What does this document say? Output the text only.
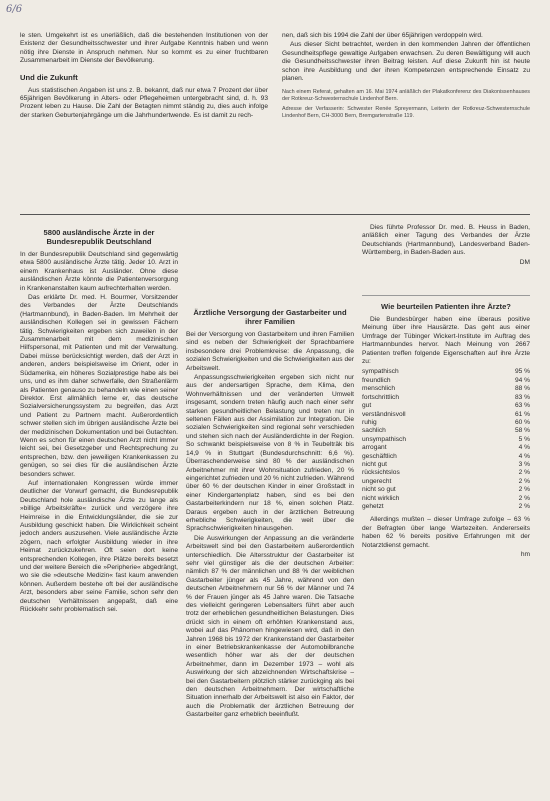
6/6

le sten. Umgekehrt ist es unerläßlich, daß die bestehenden Institutionen von der Existenz der Gesundheitsschwester und ihrer Aufgabe Kenntnis haben und wenn nötig ihre Dienste in Anspruch nehmen. Nur so kommt es zu einer fruchtbaren Zusammenarbeit im Dienste der Bevölkerung.

Und die Zukunft

Aus statistischen Angaben ist uns z. B. bekannt, daß nur etwa 7 Prozent der über 65jährigen Bevölkerung in Alters- oder Pflegeheimen untergebracht sind, d. h. 93 Prozent leben zu Hause. Die Zahl der Betagten nimmt ständig zu, dies auch infolge der starken Geburtenjahrgänge um die Jahrhundertwende. Es ist damit zu rech-

nen, daß sich bis 1994 die Zahl der über 65jährigen verdoppeln wird.

Aus dieser Sicht betrachtet, werden in den kommenden Jahren der öffentlichen Gesundheitspflege gewaltige Aufgaben erwachsen. Zu deren Bewältigung will auch die Gesundheitsschwester ihren Beitrag leisten. Auf diese Zukunft hin ist heute schon ihre Ausbildung und der ihren Kompetenzen entsprechende Einsatz zu planen.

Nach einem Referat, gehalten am 16. Mai 1974 anläßlich der Plakatkonferenz des Diakonissenhauses der Rotkreuz-Schwesternschule Lindenhof Bern.

Adresse der Verfasserin: Schwester Renée Spreyermann, Leiterin der Rotkreuz-Schwesternschule Lindenhof Bern, CH-3000 Bern, Bremgartenstraße 119.

5800 ausländische Ärzte in der Bundesrepublik Deutschland

In der Bundesrepublik Deutschland sind gegenwärtig etwa 5800 ausländische Ärzte tätig. Jeder 10. Arzt in einem Krankenhaus ist Ausländer. Ohne diese ausländischen Ärzte könnte die Patientenversorgung in Krankenanstalten kaum aufrechterhalten werden.

Das erklärte Dr. med. H. Bourmer, Vorsitzender des Verbandes der Ärzte Deutschlands (Hartmannbund), in Baden-Baden. Im Mehrheit der ausländischen Kollegen sei in gewissen Fächern tätig. Schwierigkeiten ergeben sich zuweilen in der Zusammenarbeit mit dem medizinischen Hilfspersonal, mit Patienten und mit der Verwaltung. Dabei müsse berücksichtigt werden, daß der Arzt in anderen, anders beispielsweise im Orient, oder in Südamerika, ein höheres Sozialprestige habe als bei uns, und es ihm daher schwerfalle, den Straßenlärm als Patienten genauso zu behandeln wie einen seiner Direktor. Erst allmählich lerne er, das deutsche Sozialversicherungssystem zu begreifen, das Arzt und Patient zu Partnern macht. Außerordentlich schwer stellen sich im übrigen ausländische Ärzte bei der medizinischen Dokumentation und bei Gutachten. Wenn es schon für einen deutschen Arzt nicht immer leicht sei, bei Gesetzgeber und Rechtsprechung zu entsprechen, bzw. den jeweiligen Krankenkassen zu genügen, so sei dies für die ausländischen Ärzte besonders schwer.

Auf internationalen Kongressen würde immer deutlicher der Vorwurf gemacht, die Bundesrepublik Deutschland hole ausländische Ärzte zu lange als »billige Arbeitskräfte« zurück und verzögere ihre Heimreise in die Entwicklungsländer, die sie zur Ausbildung geschickt haben. Die Wirklichkeit scheint jedoch anders auszusehen. Viele ausländische Ärzte zögern, nach erfolgter Ausbildung wieder in ihre Heimat zurückzukehren. Oft seien dort keine entsprechenden Kollegen, ihre Plätze bereits besetzt und der weitere Bereich die »Peripherie« abgedrängt, wo sie die »deutsche Medizin« fast kaum anwenden können. Außerdem bestehe oft bei der ausländische Arzt, besonders aber seine Familie, schon sehr den deutschen Verhältnissen angepaßt, daß eine Rückkehr sehr problematisch sei.

Ärztliche Versorgung der Gastarbeiter und ihrer Familien

Bei der Versorgung von Gastarbeitern und ihren Familien sind es neben der Schwierigkeit der Sprachbarriere insbesondere drei Problemkreise: die Anpassung, die sozialen Schwierigkeiten und die Schwierigkeiten aus der Arbeitswelt.

Anpassungsschwierigkeiten ergeben sich nicht nur aus der andersartigen Sprache, dem Klima, den Wohnverhältnissen und der veränderten Umwelt insgesamt, sondern treten häufig auch nach einer sehr starken gesundheitlichen Belastung und treten nur in seltenen Fällen aus der Assimilation zur Integration. Die sozialen Schwierigkeiten sind regional sehr verschieden und stehen sich nach der Ausländerdichte in der Region. So schwankt beispielsweise von 8 % in Teubelträk bis 14,9 % in Stuttgart (Bundesdurchschnitt: 6,6 %). Überraschenderweise sind 80 % der ausländischen Arbeitnehmer mit ihrer Wohnsituation zufrieden, 20 % eingerichtet zufrieden und 20 % nicht zufrieden. Während über 60 % der deutschen Kinder in einer Großstadt in einer Kindergartenplatz haben, sind es bei den Gastarbeiterkindern nur 18 %, einen solchen Platz. Daraus ergeben auch in der ärztlichen Betreuung erhebliche Schwierigkeiten, die weit über die Sprachschwierigkeiten hinausgehen.

Die Auswirkungen der Anpassung an die veränderte Arbeitswelt sind bei den Gastarbeitern außerordentlich unterschiedlich. Die Altersstruktur der Gastarbeiter ist sehr viel günstiger als die der deutschen Arbeiter: nämlich 87 % der männlichen und 88 % der weiblichen Gastarbeiter jünger als 45 Jahre, während von den deutschen Arbeitnehmern nur 56 % der Männer und 74 % der Frauen jünger als 45 Jahre waren. Die Tatsache des vielleicht geringeren Lebensalters führt aber auch trotz der erheblichen gesundheitlichen Belastungen. Dies drückt sich in einem oft erhöhten Krankenstand aus, wobei auf das Phänomen hingewiesen wird, daß in den Jahren 1968 bis 1972 der Krankenstand der Gastarbeiter in einer Betriebskrankenkasse der Automobilbranche wesentlich höher war als der der deutschen Arbeitnehmer, dann im Dezember 1973 – wohl als Auswirkung der sich abzeichnenden Wirtschaftskrise – bei den Gastarbeitern plötzlich stärker zurückging als bei den deutschen Arbeitnehmern. Der wirtschaftliche Situation innerhalb der Arbeitswelt ist also ein Faktor, der auch die Problematik der ärztlichen Betreuung der Gastarbeiter ganz erheblich beeinflußt.

Dies führte Professor Dr. med. B. Heuss in Baden, anläßlich einer Tagung des Verbandes der Ärzte Deutschlands (Hartmannbund), Landesverband Baden-Württemberg, in Baden-Baden aus.

DM
Wie beurteilen Patienten ihre Ärzte?

Die Bundesbürger haben eine überaus positive Meinung über ihre Hausärzte. Das geht aus einer Umfrage der Tübinger Wickert-Institute im Auftrag des Hartmannbundes hervor. Nach Meinung von 2667 Patienten treffen folgende Eigenschaften auf ihre Ärzte zu:

sympathisch	95 %
freundlich	94 %
menschlich	88 %
fortschrittlich	83 %
gut	63 %
verständnisvoll	61 %
ruhig	60 %
sachlich	58 %
unsympathisch	5 %
arrogant	4 %
geschäftlich	4 %
nicht gut	3 %
rücksichtslos	2 %
ungerecht	2 %
nicht so gut	2 %
nicht wirklich	2 %
gehetzt	2 %

Allerdings mußten – dieser Umfrage zufolge – 63 % der Befragten über lange Wartezeiten. Andererseits haben 62 % bereits positive Erfahrungen mit der Notarztdienst gemacht.

hm
